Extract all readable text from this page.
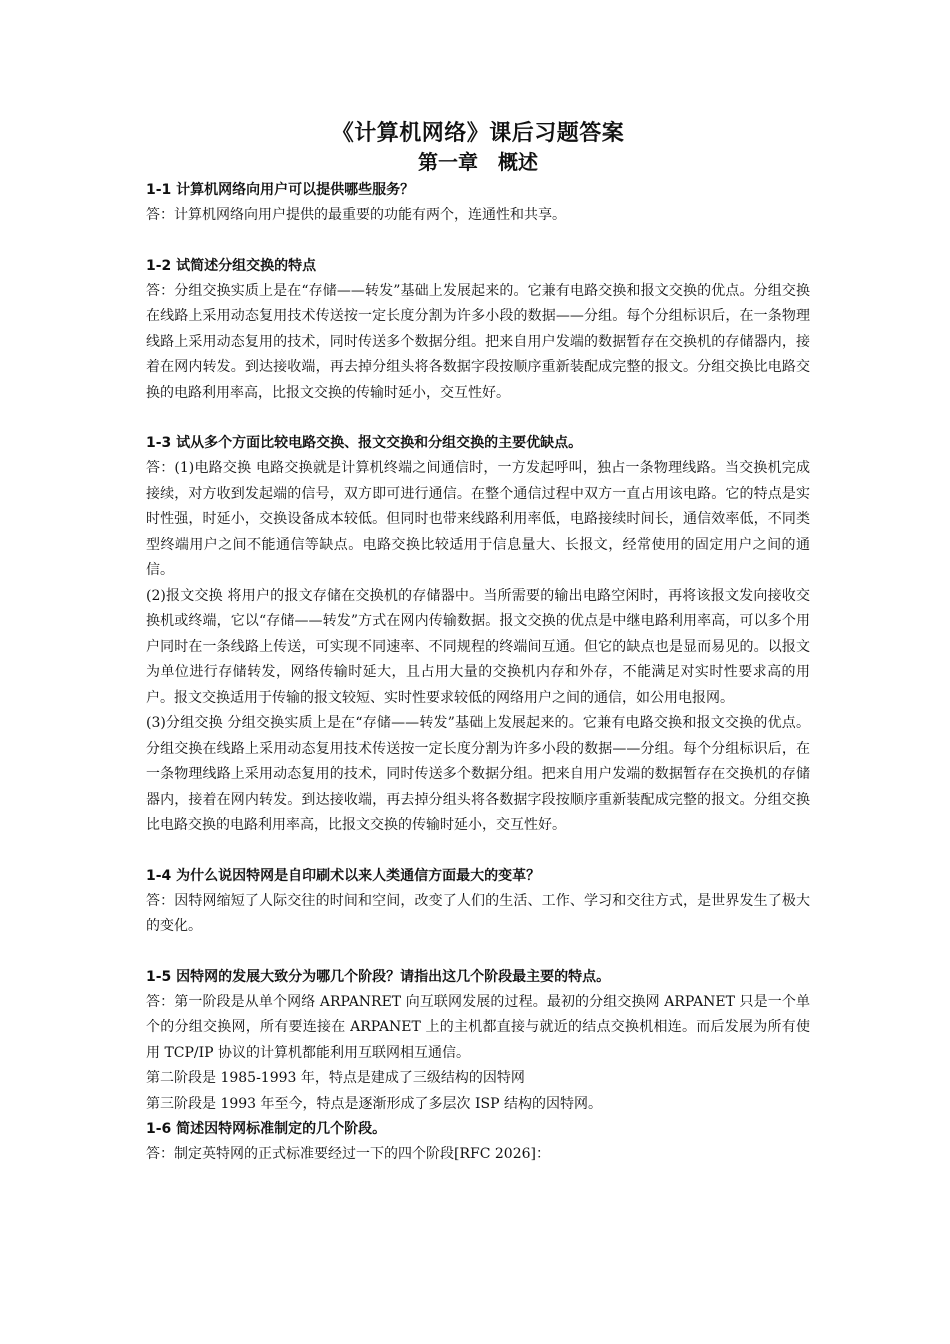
《计算机网络》课后习题答案
第一章　概述

1-1 计算机网络向用户可以提供哪些服务？

答：计算机网络向用户提供的最重要的功能有两个，连通性和共享。

1-2 试简述分组交换的特点

答：分组交换实质上是在“存储——转发”基础上发展起来的。它兼有电路交换和报文交换的优点。分组交换在线路上采用动态复用技术传送按一定长度分割为许多小段的数据——分组。每个分组标识后，在一条物理线路上采用动态复用的技术，同时传送多个数据分组。把来自用户发端的数据暂存在交换机的存储器内，接着在网内转发。到达接收端，再去掉分组头将各数据字段按顺序重新装配成完整的报文。分组交换比电路交换的电路利用率高，比报文交换的传输时延小，交互性好。

1-3 试从多个方面比较电路交换、报文交换和分组交换的主要优缺点。

答：(1)电路交换 电路交换就是计算机终端之间通信时，一方发起呼叫，独占一条物理线路。当交换机完成接续，对方收到发起端的信号，双方即可进行通信。在整个通信过程中双方一直占用该电路。它的特点是实时性强，时延小，交换设备成本较低。但同时也带来线路利用率低，电路接续时间长，通信效率低，不同类型终端用户之间不能通信等缺点。电路交换比较适用于信息量大、长报文，经常使用的固定用户之间的通信。

(2)报文交换 将用户的报文存储在交换机的存储器中。当所需要的输出电路空闲时，再将该报文发向接收交换机或终端，它以“存储——转发”方式在网内传输数据。报文交换的优点是中继电路利用率高，可以多个用户同时在一条线路上传送，可实现不同速率、不同规程的终端间互通。但它的缺点也是显而易见的。以报文为单位进行存储转发，网络传输时延大，且占用大量的交换机内存和外存，不能满足对实时性要求高的用户。报文交换适用于传输的报文较短、实时性要求较低的网络用户之间的通信，如公用电报网。

(3)分组交换 分组交换实质上是在“存储——转发”基础上发展起来的。它兼有电路交换和报文交换的优点。分组交换在线路上采用动态复用技术传送按一定长度分割为许多小段的数据——分组。每个分组标识后，在一条物理线路上采用动态复用的技术，同时传送多个数据分组。把来自用户发端的数据暂存在交换机的存储器内，接着在网内转发。到达接收端，再去掉分组头将各数据字段按顺序重新装配成完整的报文。分组交换比电路交换的电路利用率高，比报文交换的传输时延小，交互性好。

1-4 为什么说因特网是自印刷术以来人类通信方面最大的变革？

答：因特网缩短了人际交往的时间和空间，改变了人们的生活、工作、学习和交往方式，是世界发生了极大的变化。

1-5 因特网的发展大致分为哪几个阶段？请指出这几个阶段最主要的特点。

答：第一阶段是从单个网络 ARPANRET 向互联网发展的过程。最初的分组交换网 ARPANET 只是一个单个的分组交换网，所有要连接在 ARPANET 上的主机都直接与就近的结点交换机相连。而后发展为所有使用 TCP/IP 协议的计算机都能利用互联网相互通信。

第二阶段是 1985-1993 年，特点是建成了三级结构的因特网

第三阶段是 1993 年至今，特点是逐渐形成了多层次 ISP 结构的因特网。

1-6 简述因特网标准制定的几个阶段。

答：制定英特网的正式标准要经过一下的四个阶段[RFC 2026]：
